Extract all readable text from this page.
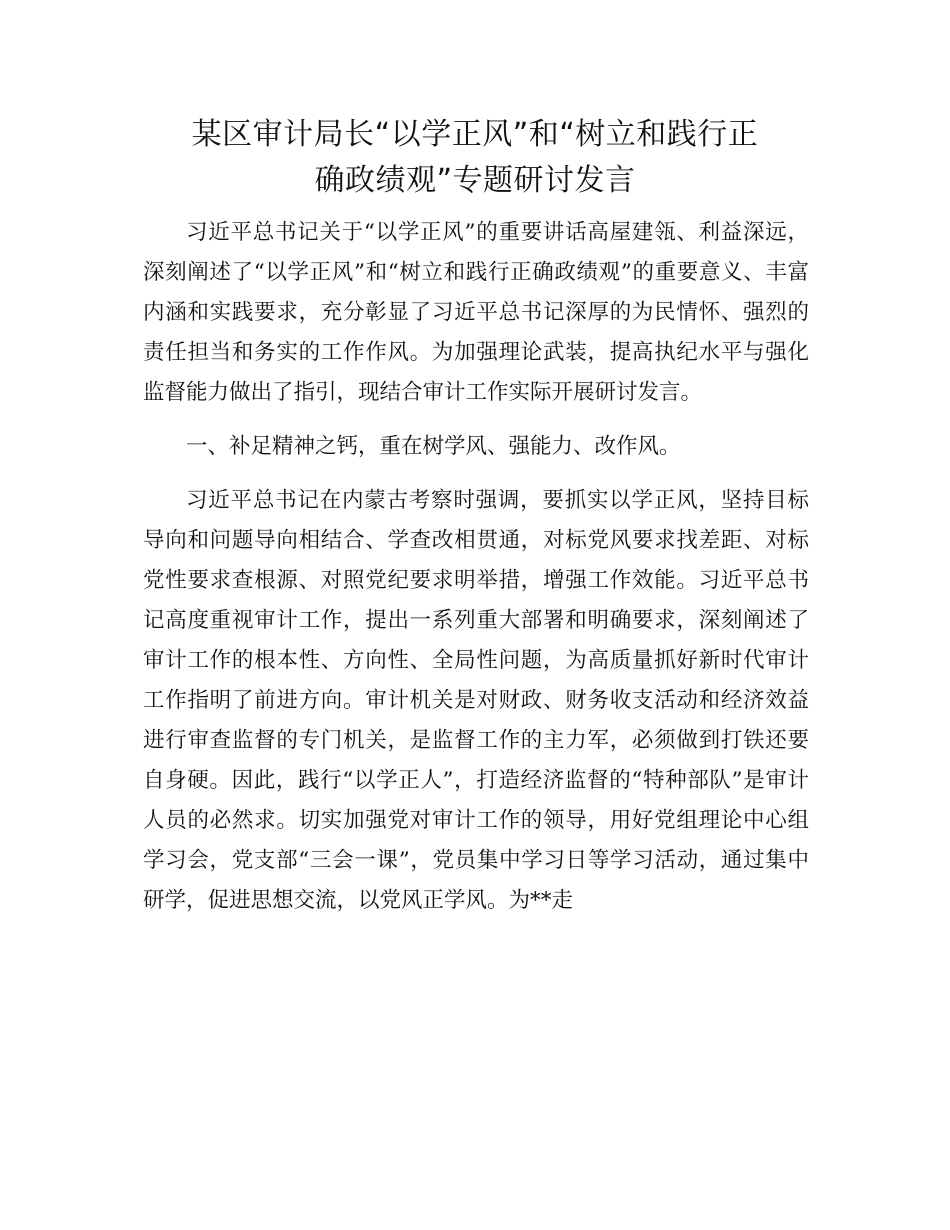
某区审计局长“以学正风”和“树立和践行正
确政绩观”专题研讨发言

习近平总书记关于“以学正风”的重要讲话高屋建瓴、利益深远，深刻阐述了“以学正风”和“树立和践行正确政绩观”的重要意义、丰富内涵和实践要求，充分彰显了习近平总书记深厚的为民情怀、强烈的责任担当和务实的工作作风。为加强理论武装，提高执纪水平与强化监督能力做出了指引，现结合审计工作实际开展研讨发言。

一、补足精神之钙，重在树学风、强能力、改作风。

习近平总书记在内蒙古考察时强调，要抓实以学正风，坚持目标导向和问题导向相结合、学查改相贯通，对标党风要求找差距、对标党性要求查根源、对照党纪要求明举措，增强工作效能。习近平总书记高度重视审计工作，提出一系列重大部署和明确要求，深刻阐述了审计工作的根本性、方向性、全局性问题，为高质量抓好新时代审计工作指明了前进方向。审计机关是对财政、财务收支活动和经济效益进行审查监督的专门机关，是监督工作的主力军，必须做到打铁还要自身硬。因此，践行“以学正人”，打造经济监督的“特种部队”是审计人员的必然求。切实加强党对审计工作的领导，用好党组理论中心组学习会，党支部“三会一课”，党员集中学习日等学习活动，通过集中研学，促进思想交流，以党风正学风。为**走
